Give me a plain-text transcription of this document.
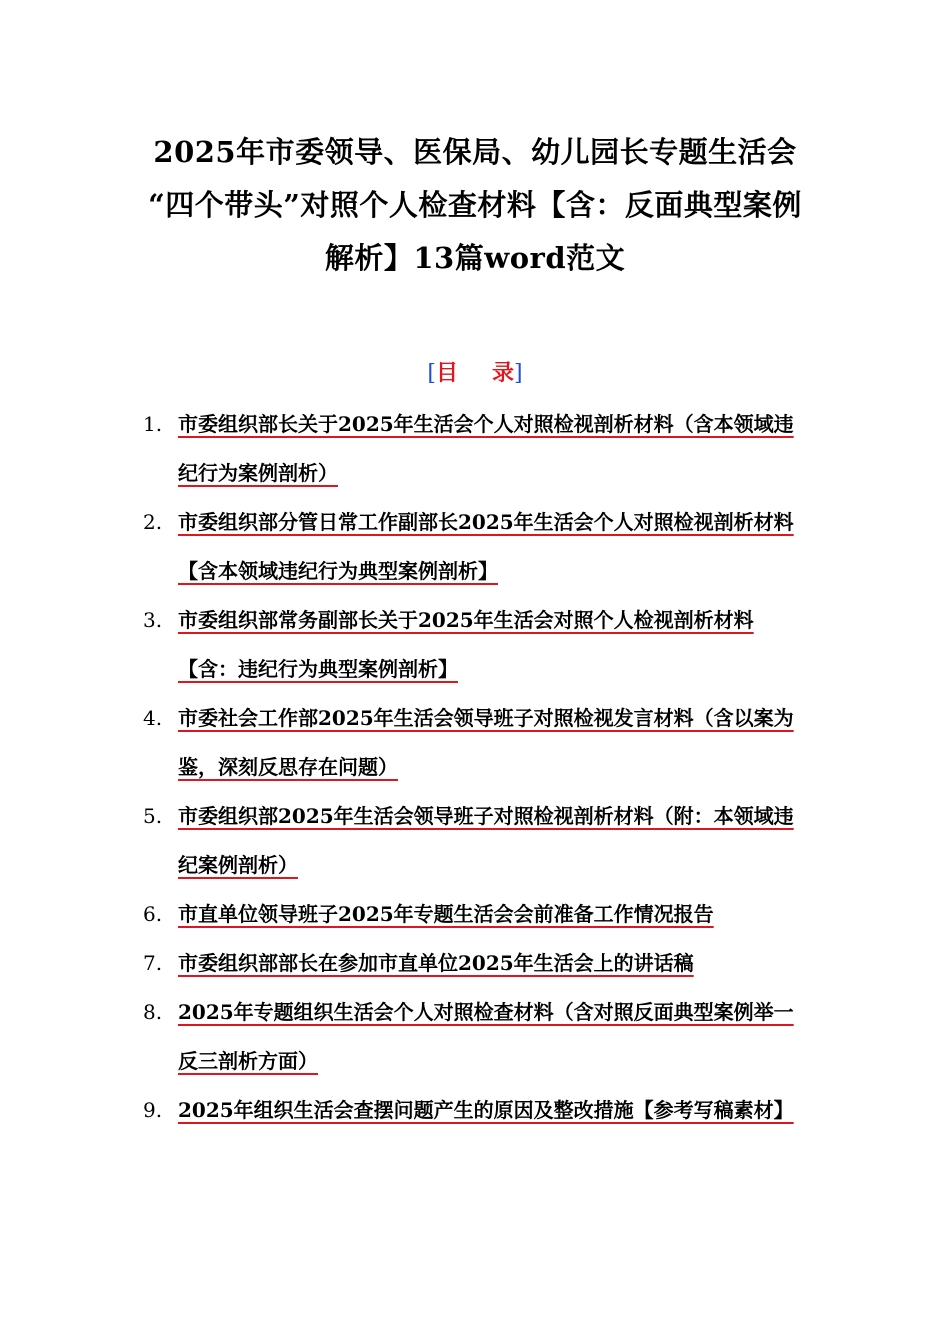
2025年市委领导、医保局、幼儿园长专题生活会
“四个带头”对照个人检查材料【含：反面典型案例
解析】13篇word范文
[目 录]
1. 市委组织部长关于2025年生活会个人对照检视剖析材料（含本领域违纪行为案例剖析）
2. 市委组织部分管日常工作副部长2025年生活会个人对照检视剖析材料【含本领域违纪行为典型案例剖析】
3. 市委组织部常务副部长关于2025年生活会对照个人检视剖析材料【含：违纪行为典型案例剖析】
4. 市委社会工作部2025年生活会领导班子对照检视发言材料（含以案为鉴，深刻反思存在问题）
5. 市委组织部2025年生活会领导班子对照检视剖析材料（附：本领域违纪案例剖析）
6. 市直单位领导班子2025年专题生活会会前准备工作情况报告
7. 市委组织部部长在参加市直单位2025年生活会上的讲话稿
8. 2025年专题组织生活会个人对照检查材料（含对照反面典型案例举一反三剖析方面）
9. 2025年组织生活会查摆问题产生的原因及整改措施【参考写稿素材】
